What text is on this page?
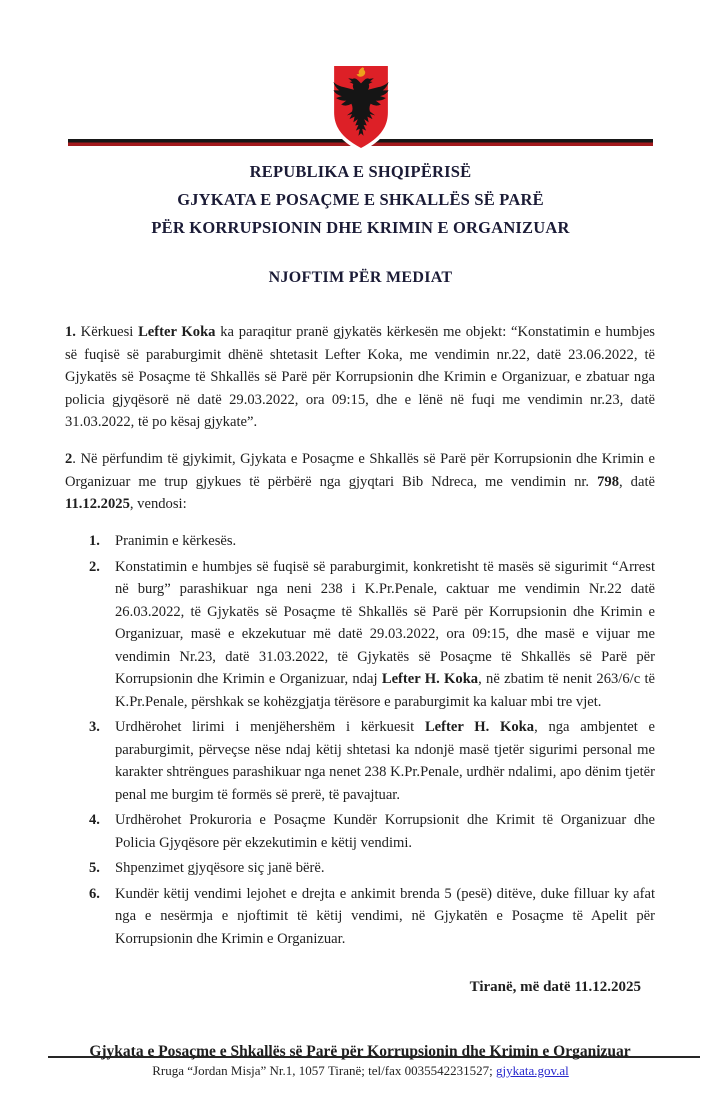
REPUBLIKA E SHQIPËRISË
GJYKATA E POSAÇME E SHKALLËS SË PARË
PËR KORRUPSIONIN DHE KRIMIN E ORGANIZUAR
NJOFTIM PËR MEDIAT

1. Kërkuesi Lefter Koka ka paraqitur pranë gjykatës kërkesën me objekt: “Konstatimin e humbjes së fuqisë së paraburgimit dhënë shtetasit Lefter Koka, me vendimin nr.22, datë 23.06.2022, të Gjykatës së Posaçme të Shkallës së Parë për Korrupsionin dhe Krimin e Organizuar, e zbatuar nga policia gjyqësorë në datë 29.03.2022, ora 09:15, dhe e lënë në fuqi me vendimin nr.23, datë 31.03.2022, të po kësaj gjykate”.

2. Në përfundim të gjykimit, Gjykata e Posaçme e Shkallës së Parë për Korrupsionin dhe Krimin e Organizuar me trup gjykues të përbërë nga gjyqtari Bib Ndreca, me vendimin nr. 798, datë 11.12.2025, vendosi:

Pranimin e kërkesës.
Konstatimin e humbjes së fuqisë së paraburgimit, konkretisht të masës së sigurimit “Arrest në burg” parashikuar nga neni 238 i K.Pr.Penale, caktuar me vendimin Nr.22 datë 26.03.2022, të Gjykatës së Posaçme të Shkallës së Parë për Korrupsionin dhe Krimin e Organizuar, masë e ekzekutuar më datë 29.03.2022, ora 09:15, dhe masë e vijuar me vendimin Nr.23, datë 31.03.2022, të Gjykatës së Posaçme të Shkallës së Parë për Korrupsionin dhe Krimin e Organizuar, ndaj Lefter H. Koka, në zbatim të nenit 263/6/c të K.Pr.Penale, përshkak se kohëzgjatja tërësore e paraburgimit ka kaluar mbi tre vjet.
Urdhërohet lirimi i menjëhershëm i kërkuesit Lefter H. Koka, nga ambjentet e paraburgimit, përveçse nëse ndaj këtij shtetasi ka ndonjë masë tjetër sigurimi personal me karakter shtrëngues parashikuar nga nenet 238 K.Pr.Penale, urdhër ndalimi, apo dënim tjetër penal me burgim të formës së prerë, të pavajtuar.
Urdhërohet Prokuroria e Posaçme Kundër Korrupsionit dhe Krimit të Organizuar dhe Policia Gjyqësore për ekzekutimin e këtij vendimi.
Shpenzimet gjyqësore siç janë bërë.
Kundër këtij vendimi lejohet e drejta e ankimit brenda 5 (pesë) ditëve, duke filluar ky afat nga e nesërmja e njoftimit të këtij vendimi, në Gjykatën e Posaçme të Apelit për Korrupsionin dhe Krimin e Organizuar.
Tiranë, më datë 11.12.2025
Gjykata e Posaçme e Shkallës së Parë për Korrupsionin dhe Krimin e Organizuar
Rruga “Jordan Misja” Nr.1, 1057 Tiranë; tel/fax 0035542231527; gjykata.gov.al
